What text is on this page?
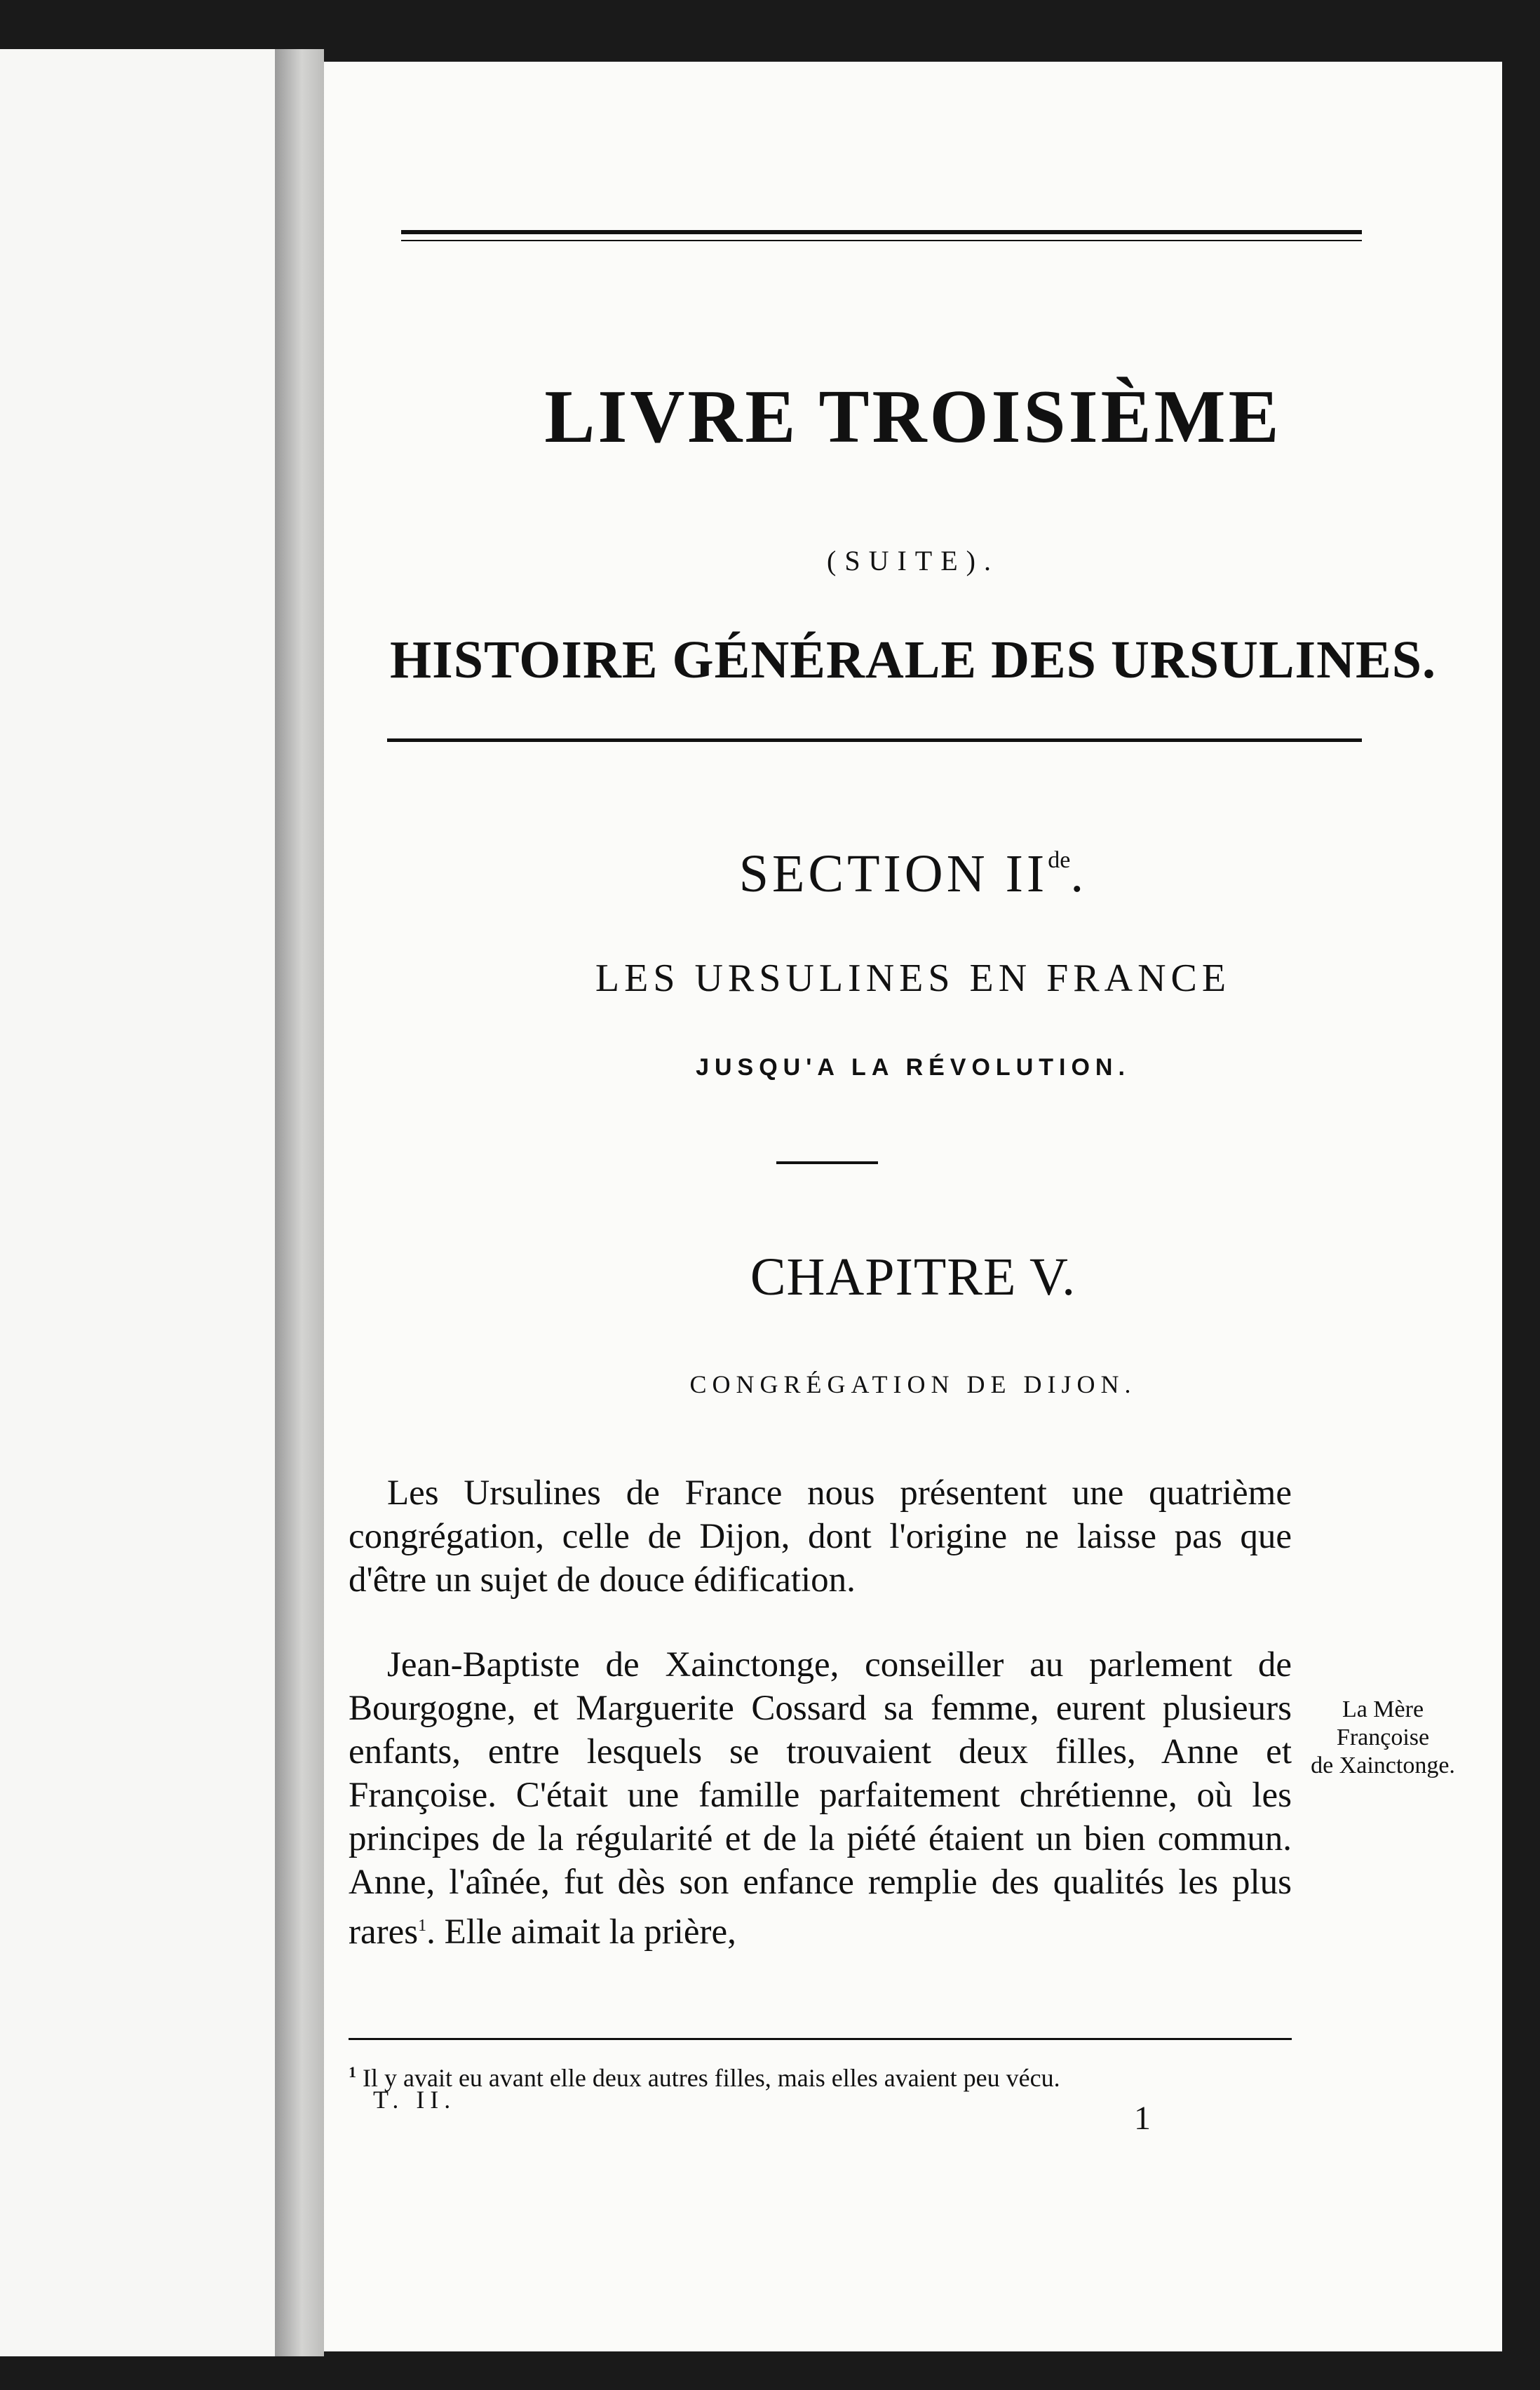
LIVRE TROISIÈME
(SUITE).
HISTOIRE GÉNÉRALE DES URSULINES.
SECTION IIde.
LES URSULINES EN FRANCE
JUSQU'A LA RÉVOLUTION.
CHAPITRE V.
CONGRÉGATION DE DIJON.

Les Ursulines de France nous présentent une quatrième congrégation, celle de Dijon, dont l'origine ne laisse pas que d'être un sujet de douce édification.

Jean-Baptiste de Xainctonge, conseiller au parlement de Bourgogne, et Marguerite Cossard sa femme, eurent plusieurs enfants, entre lesquels se trouvaient deux filles, Anne et Françoise. C'était une famille parfaitement chrétienne, où les principes de la régularité et de la piété étaient un bien commun. Anne, l'aînée, fut dès son enfance remplie des qualités les plus rares$^1$. Elle aimait la prière,

La Mère
Françoise
de Xainctonge.
$^1$ Il y avait eu avant elle deux autres filles, mais elles avaient peu vécu.
T. II.	1
